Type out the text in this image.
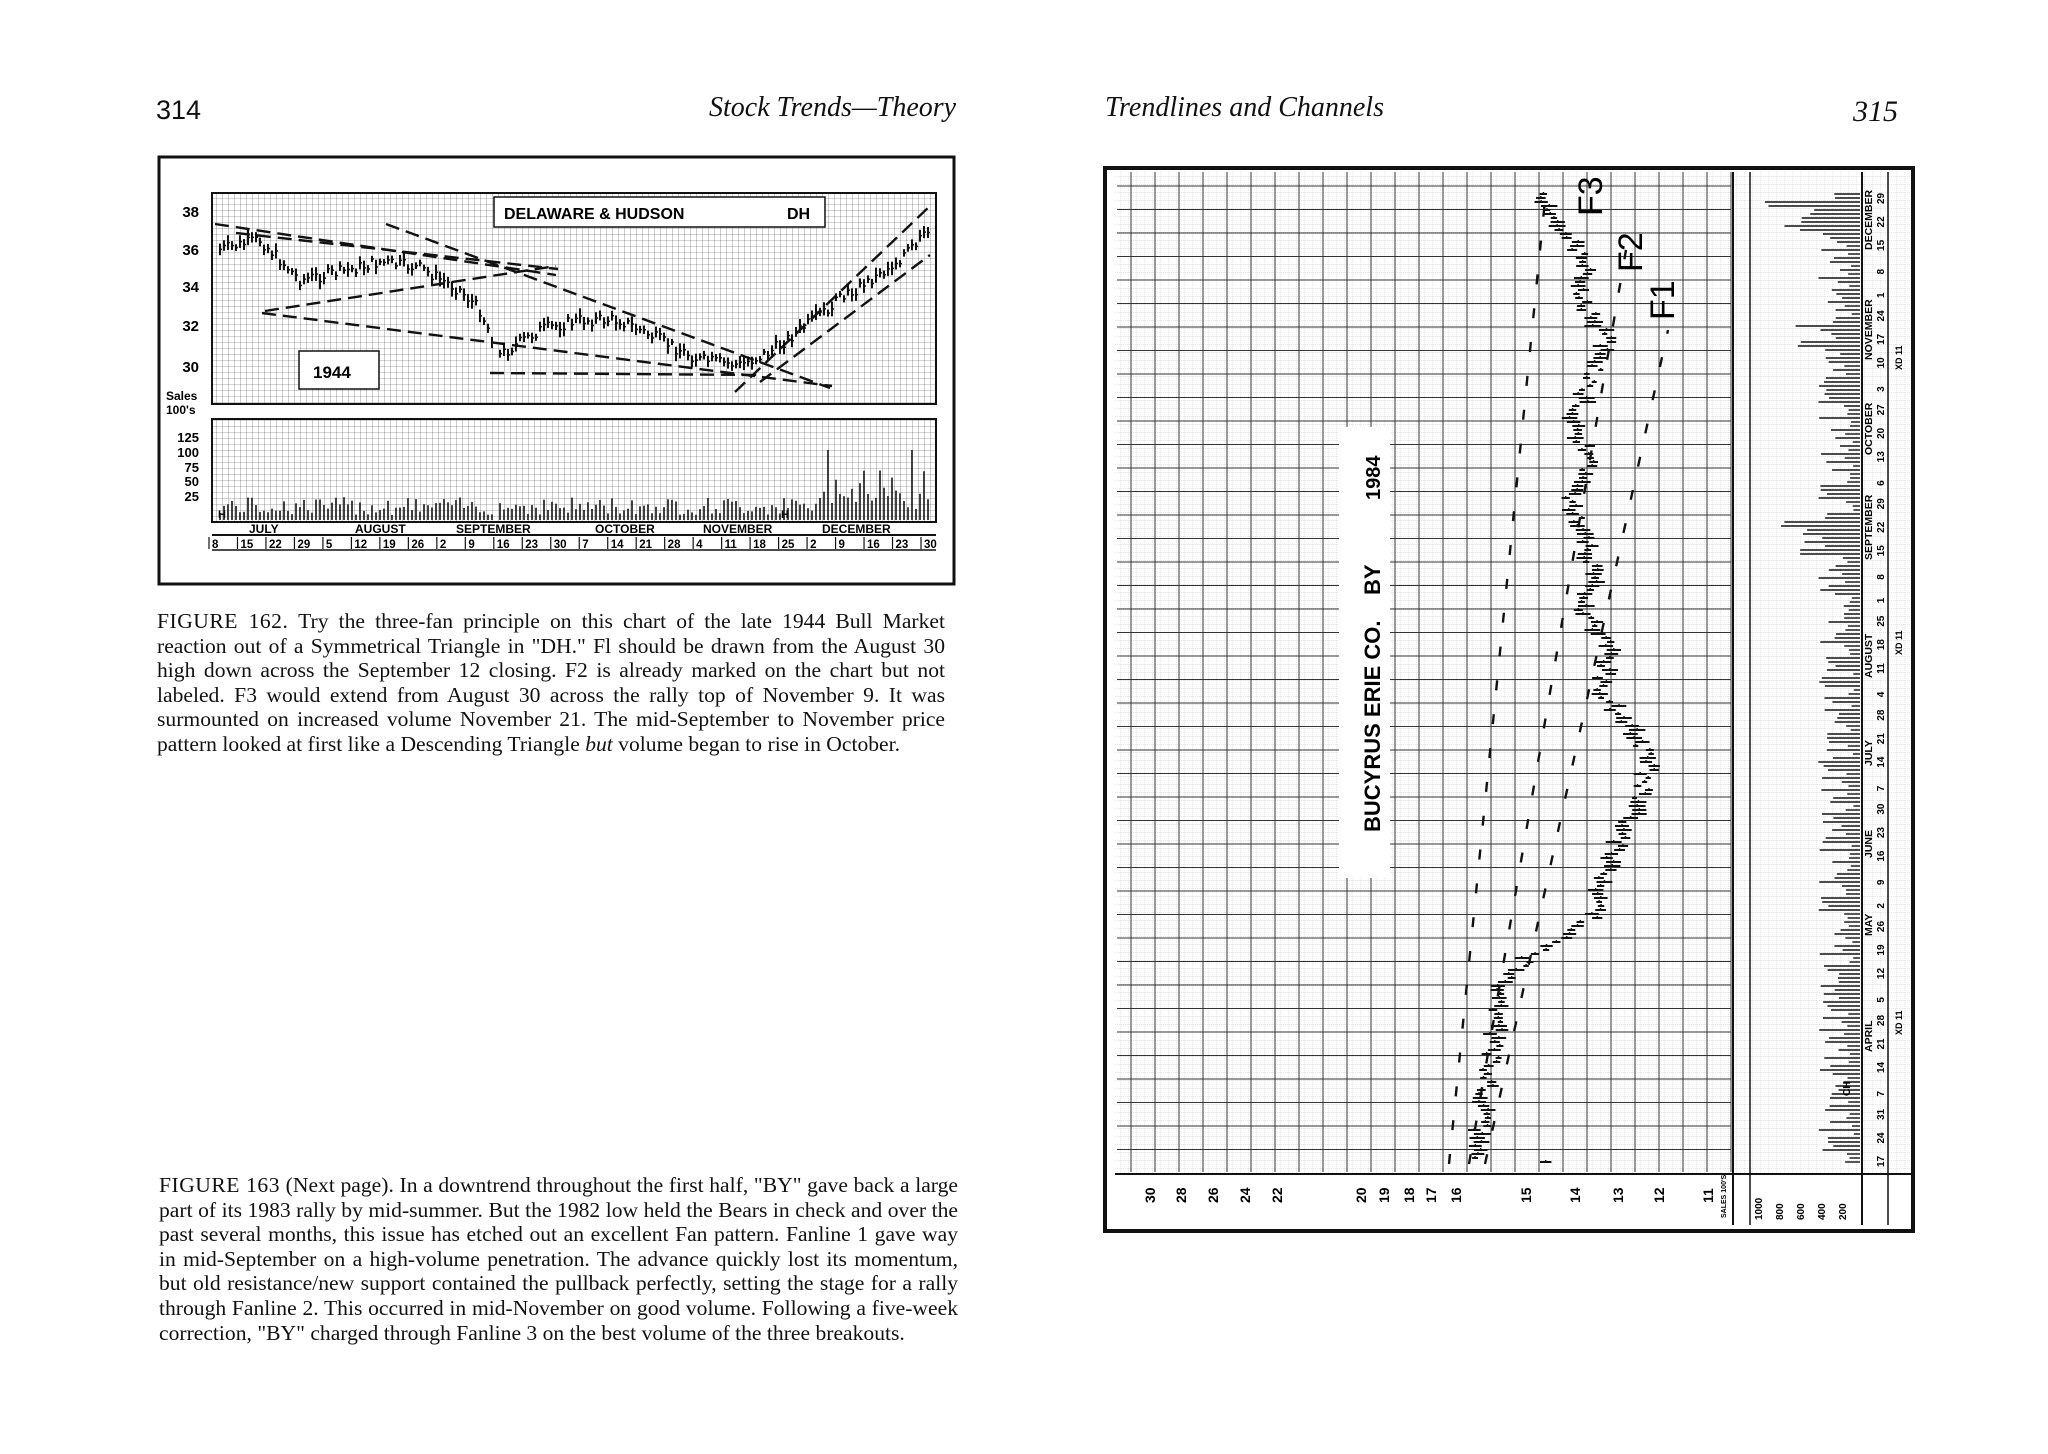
314	Stock Trends—Theory	Trendlines and Channels	315
DELAWARE & HUDSON	DH
1944
38
36
34
32
30
Sales
100's
125
100
75
50
25
JULY	AUGUST	SEPTEMBER	OCTOBER	NOVEMBER	DECEMBER
8 15 22 29 5 12 19 26 2 9 16 23 30 7 14 21 28 4 11 18 25 2 9 16 23 30
H	H
30 28 26 24 22	20 19 18 17 16	15 14 13 12 11
1000 800 600 400 200
17
24
31
7
14
21
28
5
12
19
26
2
9
16
23
30
7
14
21
28
4
11
18
25
1
8
15
22
29
6
13
20
27
3
10
17
24
1
8
15
22
29
APRIL
MAY
JUNE
JULY
AUGUST
SEPTEMBER
OCTOBER
NOVEMBER
DECEMBER
BUCYRUS ERIE CO.
BY
1984
F3
F2
F1
CH
XD 11
XD 11
XD 11
SALES 100'S
FIGURE 162. Try the three-fan principle on this chart of the late 1944 Bull Market reaction out of a Symmetrical Triangle in "DH." Fl should be drawn from the August 30 high down across the September 12 closing. F2 is already marked on the chart but not labeled. F3 would extend from August 30 across the rally top of November 9. It was surmounted on increased volume November 21. The mid-September to November price pattern looked at first like a Descending Triangle but volume began to rise in October.
FIGURE 163 (Next page). In a downtrend throughout the first half, "BY" gave back a large part of its 1983 rally by mid-summer. But the 1982 low held the Bears in check and over the past several months, this issue has etched out an excellent Fan pattern. Fanline 1 gave way in mid-September on a high-volume penetration. The advance quickly lost its momentum, but old resistance/new support contained the pullback perfectly, setting the stage for a rally through Fanline 2. This occurred in mid-November on good volume. Following a five-week correction, "BY" charged through Fanline 3 on the best volume of the three breakouts.
